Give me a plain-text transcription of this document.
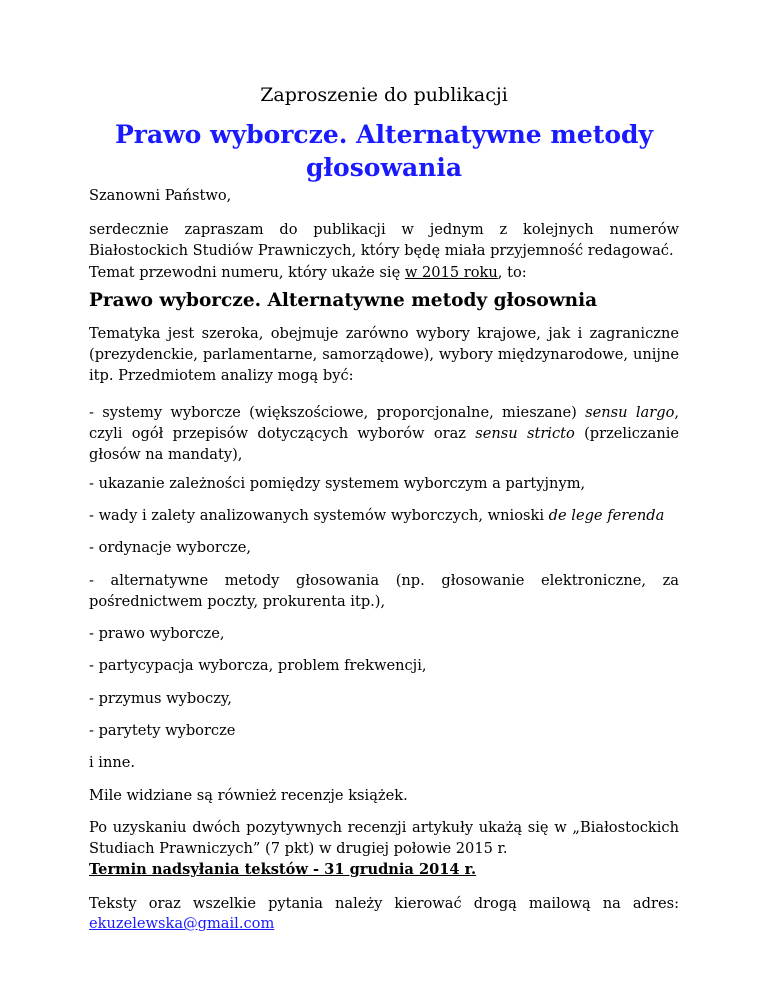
Zaproszenie do publikacji
Prawo wyborcze. Alternatywne metody
głosowania

Szanowni Państwo,

serdecznie zapraszam do publikacji w jednym z kolejnych numerów Białostockich Studiów Prawniczych, który będę miała przyjemność redagować.

Temat przewodni numeru, który ukaże się w 2015 roku, to:

Prawo wyborcze. Alternatywne metody głosownia

Tematyka jest szeroka, obejmuje zarówno wybory krajowe, jak i zagraniczne (prezydenckie, parlamentarne, samorządowe), wybory międzynarodowe, unijne itp. Przedmiotem analizy mogą być:

- systemy wyborcze (większościowe, proporcjonalne, mieszane) sensu largo, czyli ogół przepisów dotyczących wyborów oraz sensu stricto (przeliczanie głosów na mandaty),

- ukazanie zależności pomiędzy systemem wyborczym a partyjnym,

- wady i zalety analizowanych systemów wyborczych, wnioski de lege ferenda

- ordynacje wyborcze,

- alternatywne metody głosowania (np. głosowanie elektroniczne, za pośrednictwem poczty, prokurenta itp.),

- prawo wyborcze,

- partycypacja wyborcza, problem frekwencji,

- przymus wyboczy,

- parytety wyborcze

i inne.

Mile widziane są również recenzje książek.

Po uzyskaniu dwóch pozytywnych recenzji artykuły ukażą się w „Białostockich Studiach Prawniczych” (7 pkt) w drugiej połowie 2015 r.

Termin nadsyłania tekstów - 31 grudnia 2014 r.

Teksty oraz wszelkie pytania należy kierować drogą mailową na adres:

ekuzelewska@gmail.com
